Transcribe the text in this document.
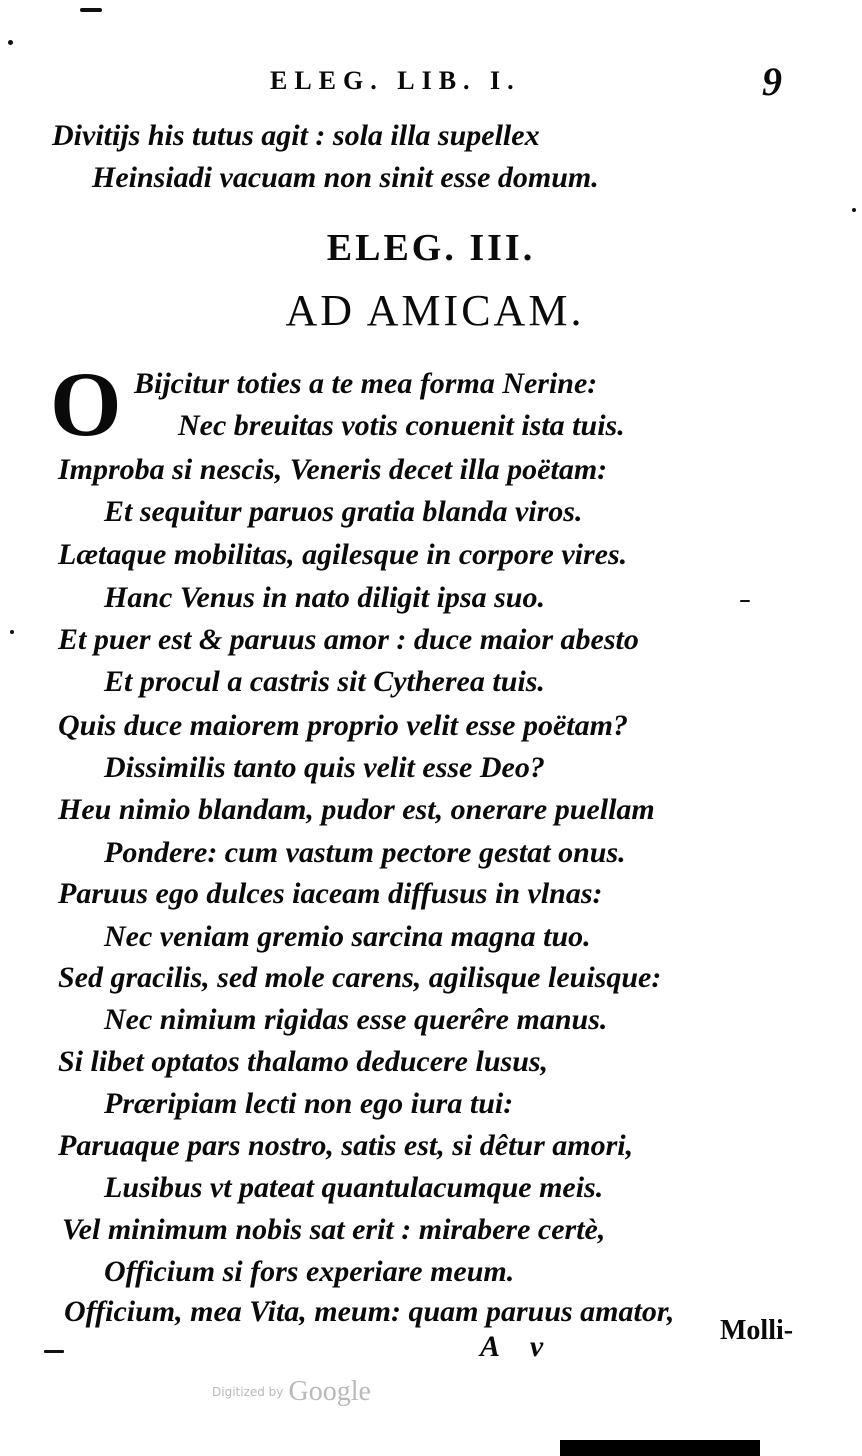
ELEG. LIB. I.	9
Divitijs his tutus agit : sola illa supellex
Heinsiadi vacuam non sinit esse domum.
ELEG. III.
AD AMICAM.
O Bijcitur toties a te mea forma Nerine:
Nec breuitas votis conuenit ista tuis.
Improba si nescis, Veneris decet illa poëtam:
Et sequitur paruos gratia blanda viros.
Lætaque mobilitas, agilesque in corpore vires.
Hanc Venus in nato diligit ipsa suo.
Et puer est & paruus amor : duce maior abesto
Et procul a castris sit Cytherea tuis.
Quis duce maiorem proprio velit esse poëtam?
Dissimilis tanto quis velit esse Deo?
Heu nimio blandam, pudor est, onerare puellam
Pondere: cum vastum pectore gestat onus.
Paruus ego dulces iaceam diffusus in vlnas:
Nec veniam gremio sarcina magna tuo.
Sed gracilis, sed mole carens, agilisque leuisque:
Nec nimium rigidas esse querêre manus.
Si libet optatos thalamo deducere lusus,
Præripiam lecti non ego iura tui:
Paruaque pars nostro, satis est, si dêtur amori,
Lusibus vt pateat quantulacumque meis.
Vel minimum nobis sat erit : mirabere certè,
Officium si fors experiare meum.
Officium, mea Vita, meum: quam paruus amator,
A v	Molli-
Digitized by Google
